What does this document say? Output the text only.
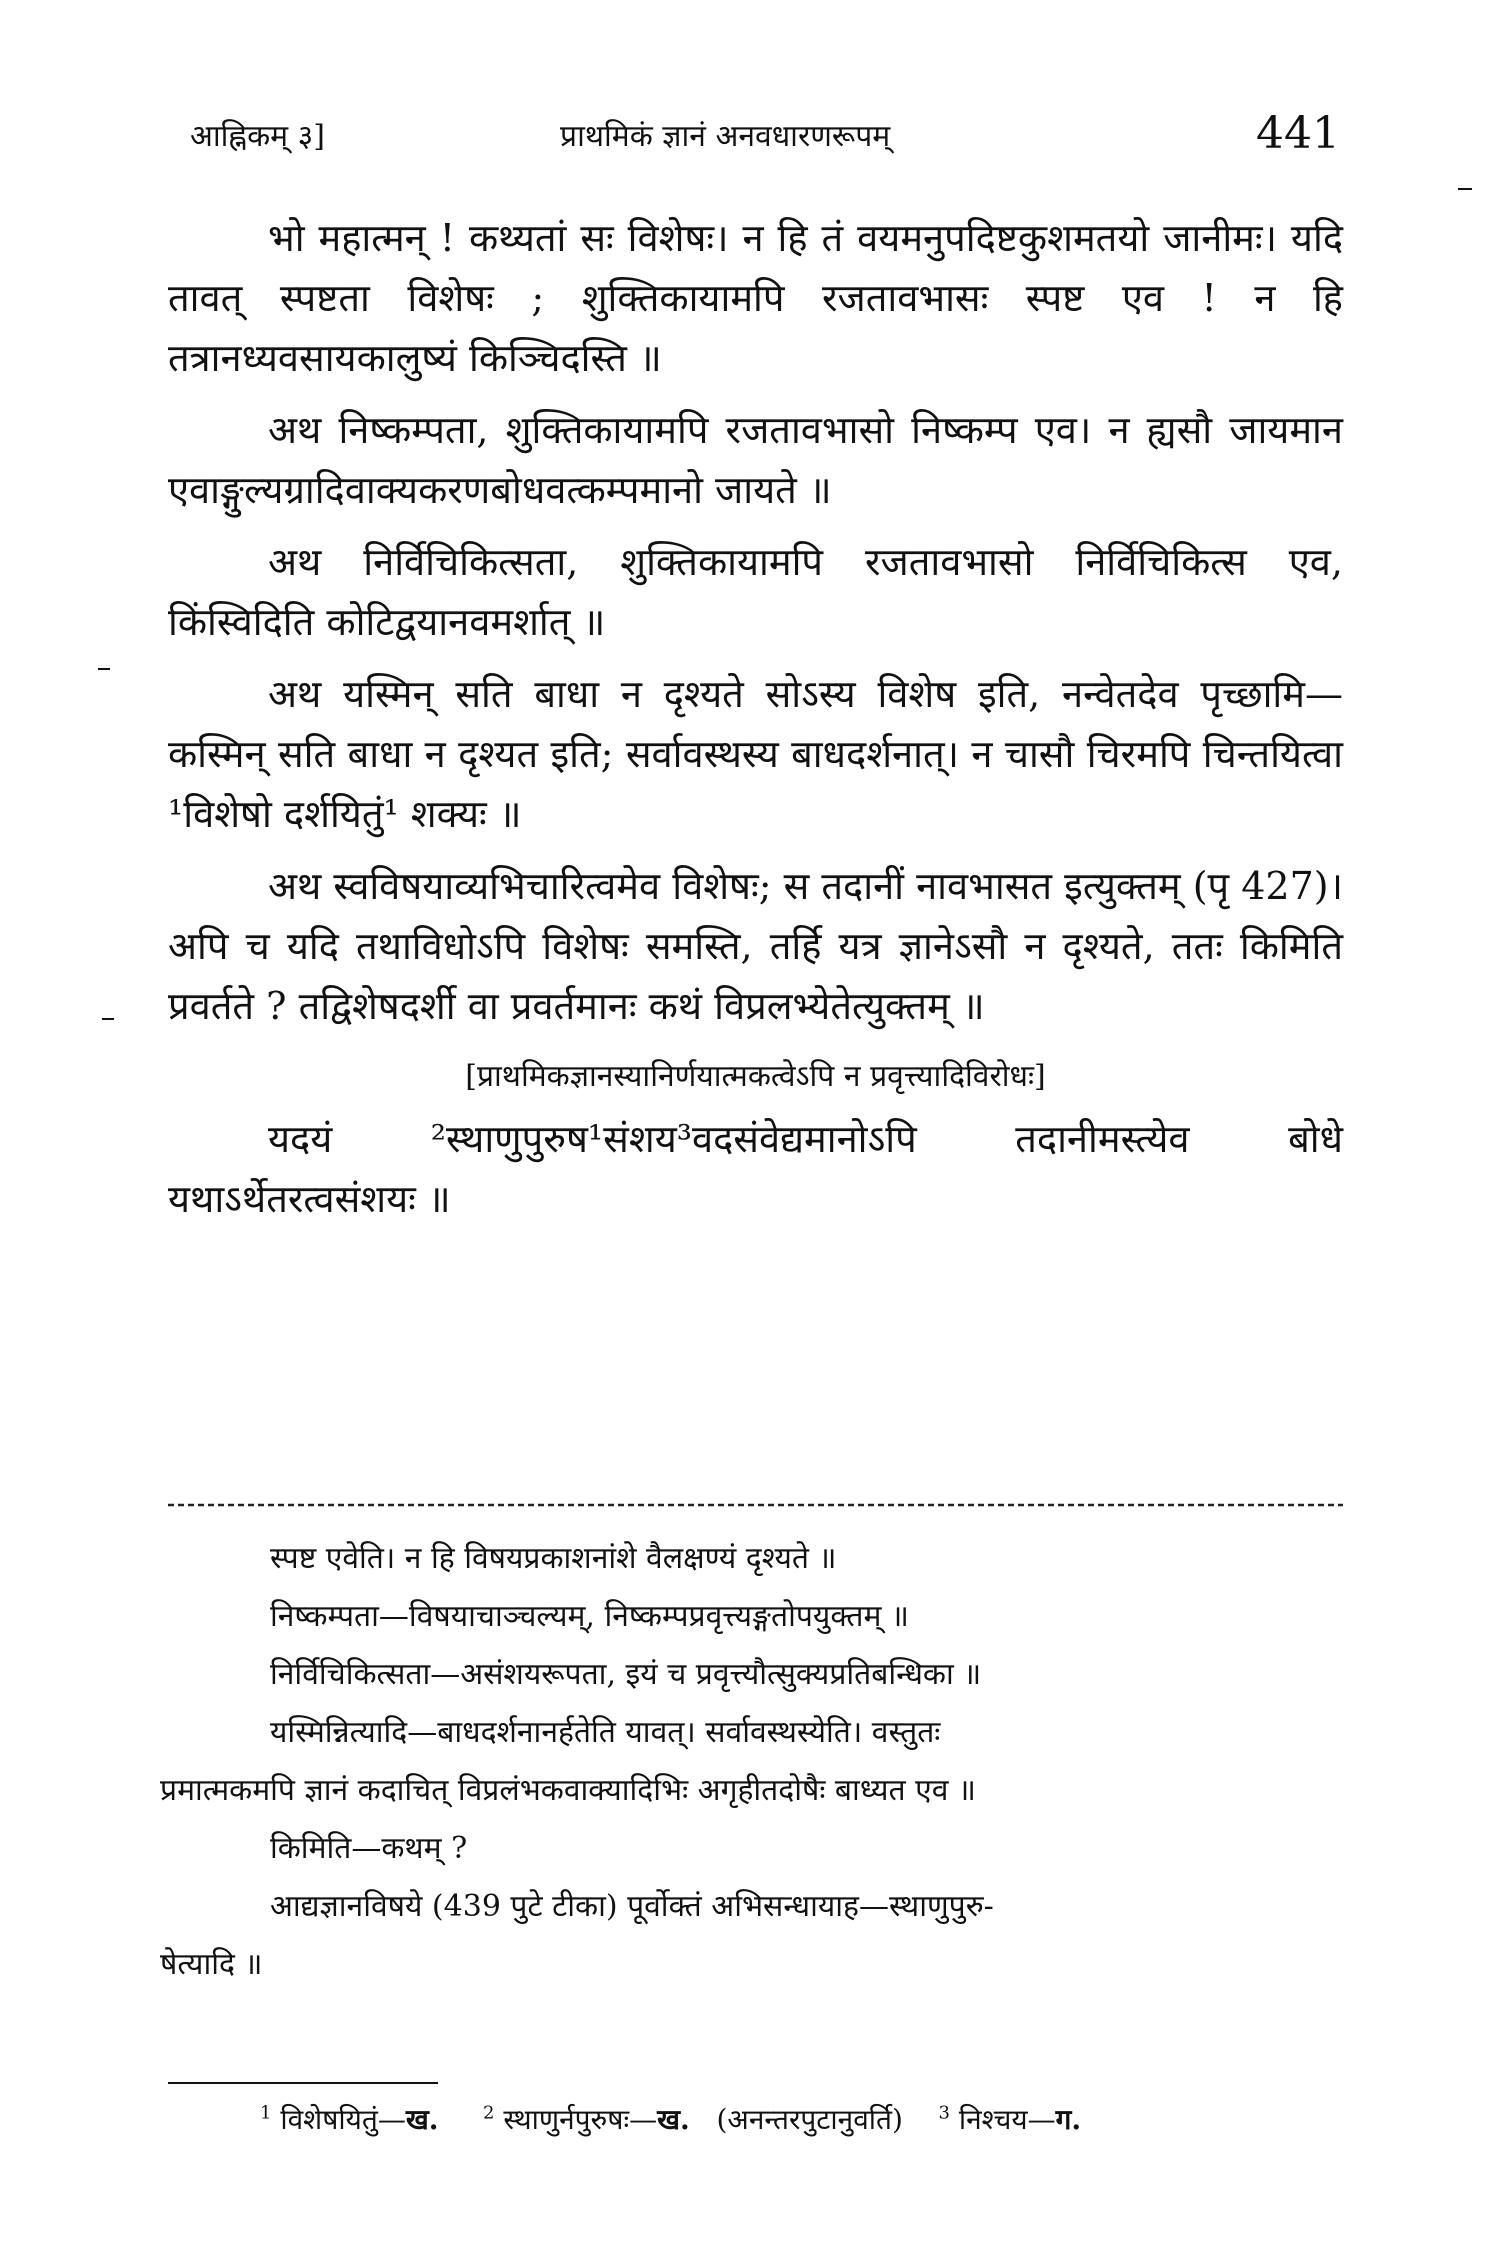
आह्निकम् ३]	प्राथमिकं ज्ञानं अनवधारणरूपम्	441

भो महात्मन् ! कथ्यतां सः विशेषः। न हि तं वयमनुपदिष्टकुशमतयो जानीमः। यदि तावत् स्पष्टता विशेषः ; शुक्तिकायामपि रजतावभासः स्पष्ट एव ! न हि तत्रानध्यवसायकालुष्यं किञ्चिदस्ति ॥

अथ निष्कम्पता, शुक्तिकायामपि रजतावभासो निष्कम्प एव। न ह्यसौ जायमान एवाङ्गुल्यग्रादिवाक्यकरणबोधवत्कम्पमानो जायते ॥

अथ निर्विचिकित्सता, शुक्तिकायामपि रजतावभासो निर्विचिकित्स एव, किंस्विदिति कोटिद्वयानवमर्शात् ॥

अथ यस्मिन् सति बाधा न दृश्यते सोऽस्य विशेष इति, नन्वेतदेव पृच्छामि—कस्मिन् सति बाधा न दृश्यत इति; सर्वावस्थस्य बाधदर्शनात्। न चासौ चिरमपि चिन्तयित्वा ¹विशेषो दर्शयितुं¹ शक्यः ॥

अथ स्वविषयाव्यभिचारित्वमेव विशेषः; स तदानीं नावभासत इत्युक्तम् (पृ 427)। अपि च यदि तथाविधोऽपि विशेषः समस्ति, तर्हि यत्र ज्ञानेऽसौ न दृश्यते, ततः किमिति प्रवर्तते ? तद्विशेषदर्शी वा प्रवर्तमानः कथं विप्रलभ्येतेत्युक्तम् ॥

[प्राथमिकज्ञानस्यानिर्णयात्मकत्वेऽपि न प्रवृत्त्यादिविरोधः]

यदयं ²स्थाणुपुरुष¹संशय³वदसंवेद्यमानोऽपि तदानीमस्त्येव बोधे यथाऽर्थेतरत्वसंशयः ॥

स्पष्ट एवेति। न हि विषयप्रकाशनांशे वैलक्षण्यं दृश्यते ॥

निष्कम्पता—विषयाचाञ्चल्यम्, निष्कम्पप्रवृत्त्यङ्गतोपयुक्तम् ॥

निर्विचिकित्सता—असंशयरूपता, इयं च प्रवृत्त्यौत्सुक्यप्रतिबन्धिका ॥

यस्मिन्नित्यादि—बाधदर्शनानर्हतेति यावत्। सर्वावस्थस्येति। वस्तुतः

प्रमात्मकमपि ज्ञानं कदाचित् विप्रलंभकवाक्यादिभिः अगृहीतदोषैः बाध्यत एव ॥

किमिति—कथम् ?

आद्यज्ञानविषये (439 पुटे टीका) पूर्वोक्तं अभिसन्धायाह—स्थाणुपुरु-

षेत्यादि ॥

$^1$ विशेषयितुं—ख. $^2$ स्थाणुर्नपुरुषः—ख. (अनन्तरपुटानुवर्ति) $^3$ निश्चय—ग.
